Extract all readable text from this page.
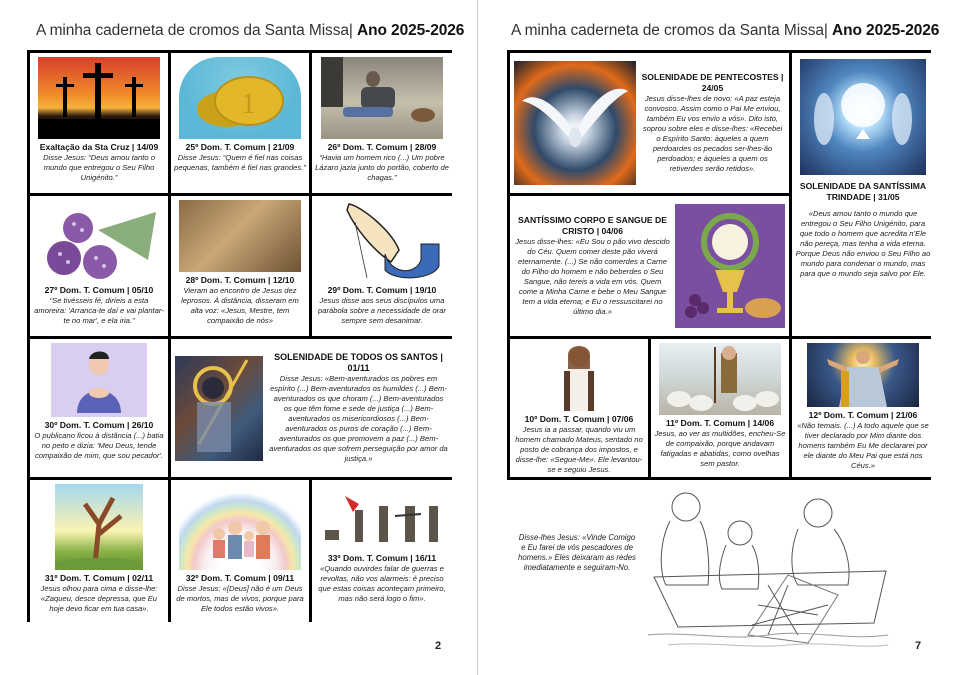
A minha caderneta de cromos da Santa Missa| Ano 2025-2026
Exaltação da Sta Cruz | 14/09
Disse Jesus: “Deus amou tanto o mundo que entregou o Seu Filho Unigénito.”
1
25º Dom. T. Comum | 21/09
Disse Jesus: “Quem é fiel nas coisas pequenas, também é fiel nas grandes.”
26º Dom. T. Comum | 28/09
“Havia um homem rico (...) Um pobre Lázaro jazia junto do portão, coberto de chagas.”
27º Dom. T. Comum | 05/10
“Se tivésseis fé, diríeis a esta amoreira: 'Arranca-te daí e vai plantar-te no mar', e ela iria.”
28º Dom. T. Comum | 12/10
Vieram ao encontro de Jesus dez leprosos. À distância, disseram em alta voz: «Jesus, Mestre, tem compaixão de nós»
29º Dom. T. Comum | 19/10
Jesus disse aos seus discípulos uma parábola sobre a necessidade de orar sempre sem desanimar.
30º Dom. T. Comum | 26/10
O publicano ficou à distância (...) batia no peito e dizia: 'Meu Deus, tende compaixão de mim, que sou pecador'.
SOLENIDADE DE TODOS OS SANTOS | 01/11
Disse Jesus: «Bem-aventurados os pobres em espírito (...) Bem-aventurados os humildes (...) Bem-aventurados os que choram (...) Bem-aventurados os que têm fome e sede de justiça (...) Bem-aventurados os misericordiosos (...) Bem-aventurados os puros de coração (...) Bem-aventurados os que promovem a paz (...) Bem-aventurados os que sofrem perseguição por amor da justiça.»
31º Dom. T. Comum | 02/11
Jesus olhou para cima e disse-lhe: «Zaqueu, desce depressa, que Eu hoje devo ficar em tua casa».
32º Dom. T. Comum | 09/11
Disse Jesus: «[Deus] não é um Deus de mortos, mas de vivos, porque para Ele todos estão vivos».
33º Dom. T. Comum | 16/11
«Quando ouvirdes falar de guerras e revoltas, não vos alarmeis: é preciso que estas coisas aconteçam primeiro, mas não será logo o fim».
2
A minha caderneta de cromos da Santa Missa| Ano 2025-2026
SOLENIDADE DE PENTECOSTES | 24/05
Jesus disse-lhes de novo: «A paz esteja convosco. Assim como o Pai Me enviou, também Eu vos envio a vós». Dito isto, soprou sobre eles e disse-lhes: «Recebei o Espírito Santo: àqueles a quem perdoardes os pecados ser-lhes-ão perdoados; e àqueles a quem os retiverdes serão retidos».
SOLENIDADE DA SANTÍSSIMA TRINDADE | 31/05
«Deus amou tanto o mundo que entregou o Seu Filho Unigénito, para que todo o homem que acredita n’Ele não pereça, mas tenha a vida eterna. Porque Deus não enviou o Seu Filho ao mundo para condenar o mundo, mas para que o mundo seja salvo por Ele.
SANTÍSSIMO CORPO E SANGUE DE CRISTO | 04/06
Jesus disse-lhes: «Eu Sou o pão vivo descido do Céu. Quem comer deste pão viverá eternamente. (...) Se não comerdes a Carne do Filho do homem e não beberdes o Seu Sangue, não tereis a vida em vós. Quem come a Minha Carne e bebe o Meu Sangue tem a vida eterna; e Eu o ressuscitarei no último dia.»
10º Dom. T. Comum | 07/06
Jesus ia a passar, quando viu um homem chamado Mateus, sentado no posto de cobrança dos impostos, e disse-lhe: «Segue-Me». Ele levantou-se e seguiu Jesus.
11º Dom. T. Comum | 14/06
Jesus, ao ver as multidões, encheu-Se de compaixão, porque andavam fatigadas e abatidas, como ovelhas sem pastor.
12º Dom. T. Comum | 21/06
«Não temais. (...) A todo aquele que se tiver declarado por Mim diante dos homens também Eu Me declararei por ele diante do Meu Pai que está nos Céus.»
Disse-lhes Jesus: «Vinde Comigo e Eu farei de vós pescadores de homens.» Eles deixaram as redes imediatamente e seguiram-No.
7
